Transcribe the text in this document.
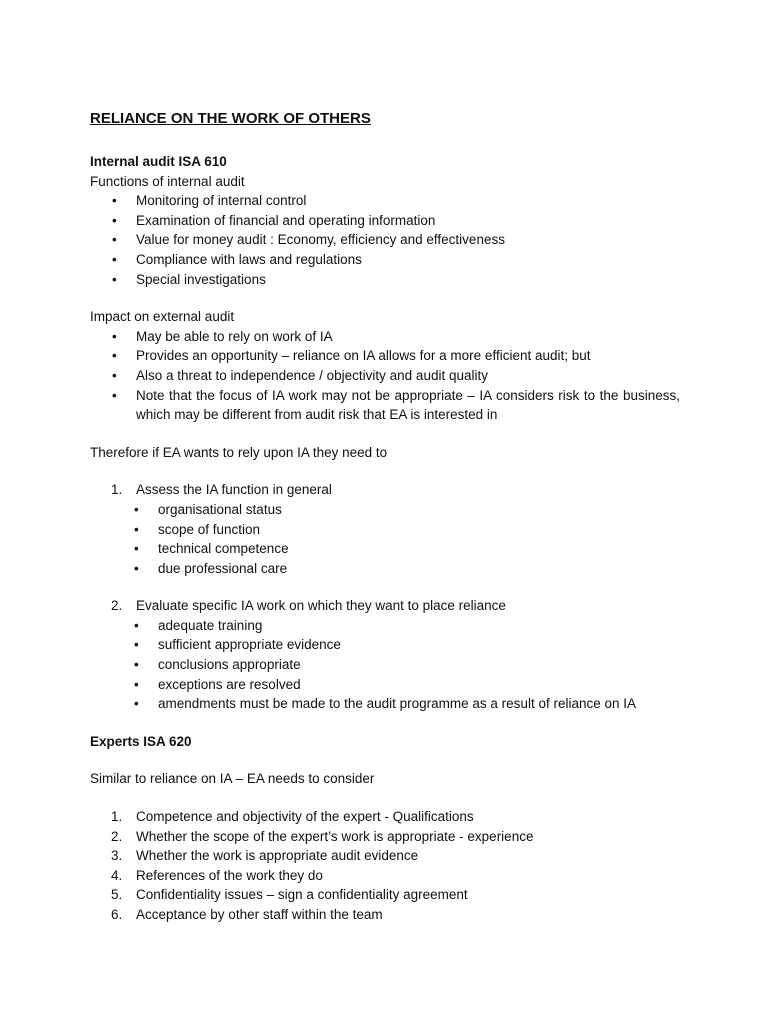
RELIANCE ON THE WORK OF OTHERS

Internal audit ISA 610

Functions of internal audit

• Monitoring of internal control
• Examination of financial and operating information
• Value for money audit : Economy, efficiency and effectiveness
• Compliance with laws and regulations
• Special investigations

Impact on external audit

• May be able to rely on work of IA
• Provides an opportunity – reliance on IA allows for a more efficient audit; but
• Also a threat to independence / objectivity and audit quality
• Note that the focus of IA work may not be appropriate – IA considers risk to the business, which may be different from audit risk that EA is interested in

Therefore if EA wants to rely upon IA they need to

1. Assess the IA function in general
• organisational status
• scope of function
• technical competence
• due professional care
2. Evaluate specific IA work on which they want to place reliance
• adequate training
• sufficient appropriate evidence
• conclusions appropriate
• exceptions are resolved
• amendments must be made to the audit programme as a result of reliance on IA

Experts ISA 620

Similar to reliance on IA – EA needs to consider

1. Competence and objectivity of the expert - Qualifications
2. Whether the scope of the expert’s work is appropriate - experience
3. Whether the work is appropriate audit evidence
4. References of the work they do
5. Confidentiality issues – sign a confidentiality agreement
6. Acceptance by other staff within the team
